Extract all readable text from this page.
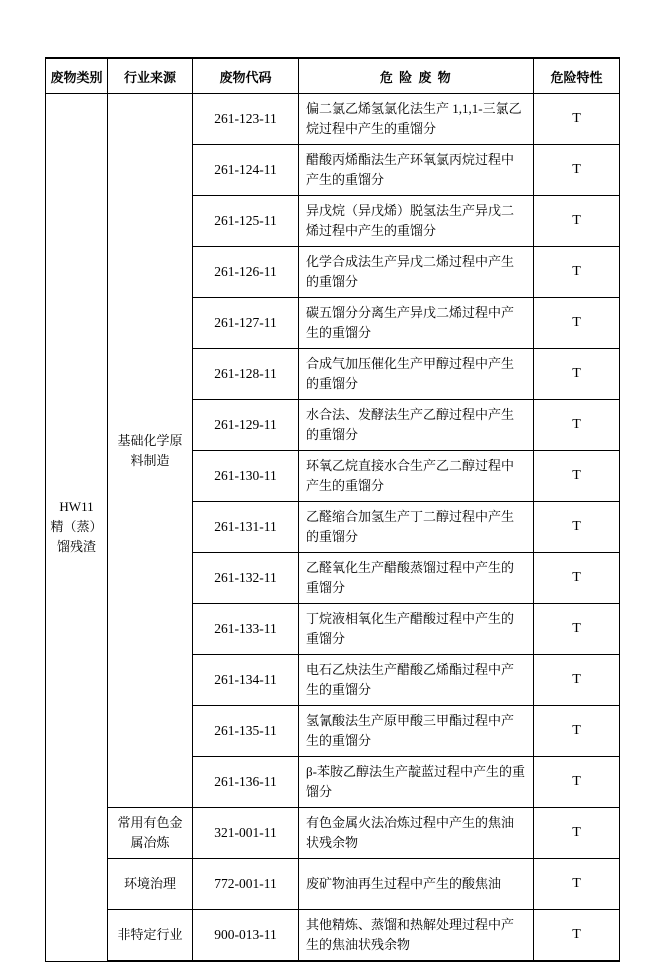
废物类别	行业来源	废物代码	危 险 废 物	危险特性

HW11
精（蒸）馏残渣	基础化学原料制造	261-123-11	偏二氯乙烯氢氯化法生产 1,1,1-三氯乙烷过程中产生的重馏分	T
		261-124-11	醋酸丙烯酯法生产环氧氯丙烷过程中产生的重馏分	T
		261-125-11	异戊烷（异戊烯）脱氢法生产异戊二烯过程中产生的重馏分	T
		261-126-11	化学合成法生产异戊二烯过程中产生的重馏分	T
		261-127-11	碳五馏分分离生产异戊二烯过程中产生的重馏分	T
		261-128-11	合成气加压催化生产甲醇过程中产生的重馏分	T
		261-129-11	水合法、发酵法生产乙醇过程中产生的重馏分	T
		261-130-11	环氧乙烷直接水合生产乙二醇过程中产生的重馏分	T
		261-131-11	乙醛缩合加氢生产丁二醇过程中产生的重馏分	T
		261-132-11	乙醛氧化生产醋酸蒸馏过程中产生的重馏分	T
		261-133-11	丁烷液相氧化生产醋酸过程中产生的重馏分	T
		261-134-11	电石乙炔法生产醋酸乙烯酯过程中产生的重馏分	T
		261-135-11	氢氰酸法生产原甲酸三甲酯过程中产生的重馏分	T
		261-136-11	β-苯胺乙醇法生产靛蓝过程中产生的重馏分	T
	常用有色金属冶炼	321-001-11	有色金属火法冶炼过程中产生的焦油状残余物	T
	环境治理	772-001-11	废矿物油再生过程中产生的酸焦油	T
	非特定行业	900-013-11	其他精炼、蒸馏和热解处理过程中产生的焦油状残余物	T
